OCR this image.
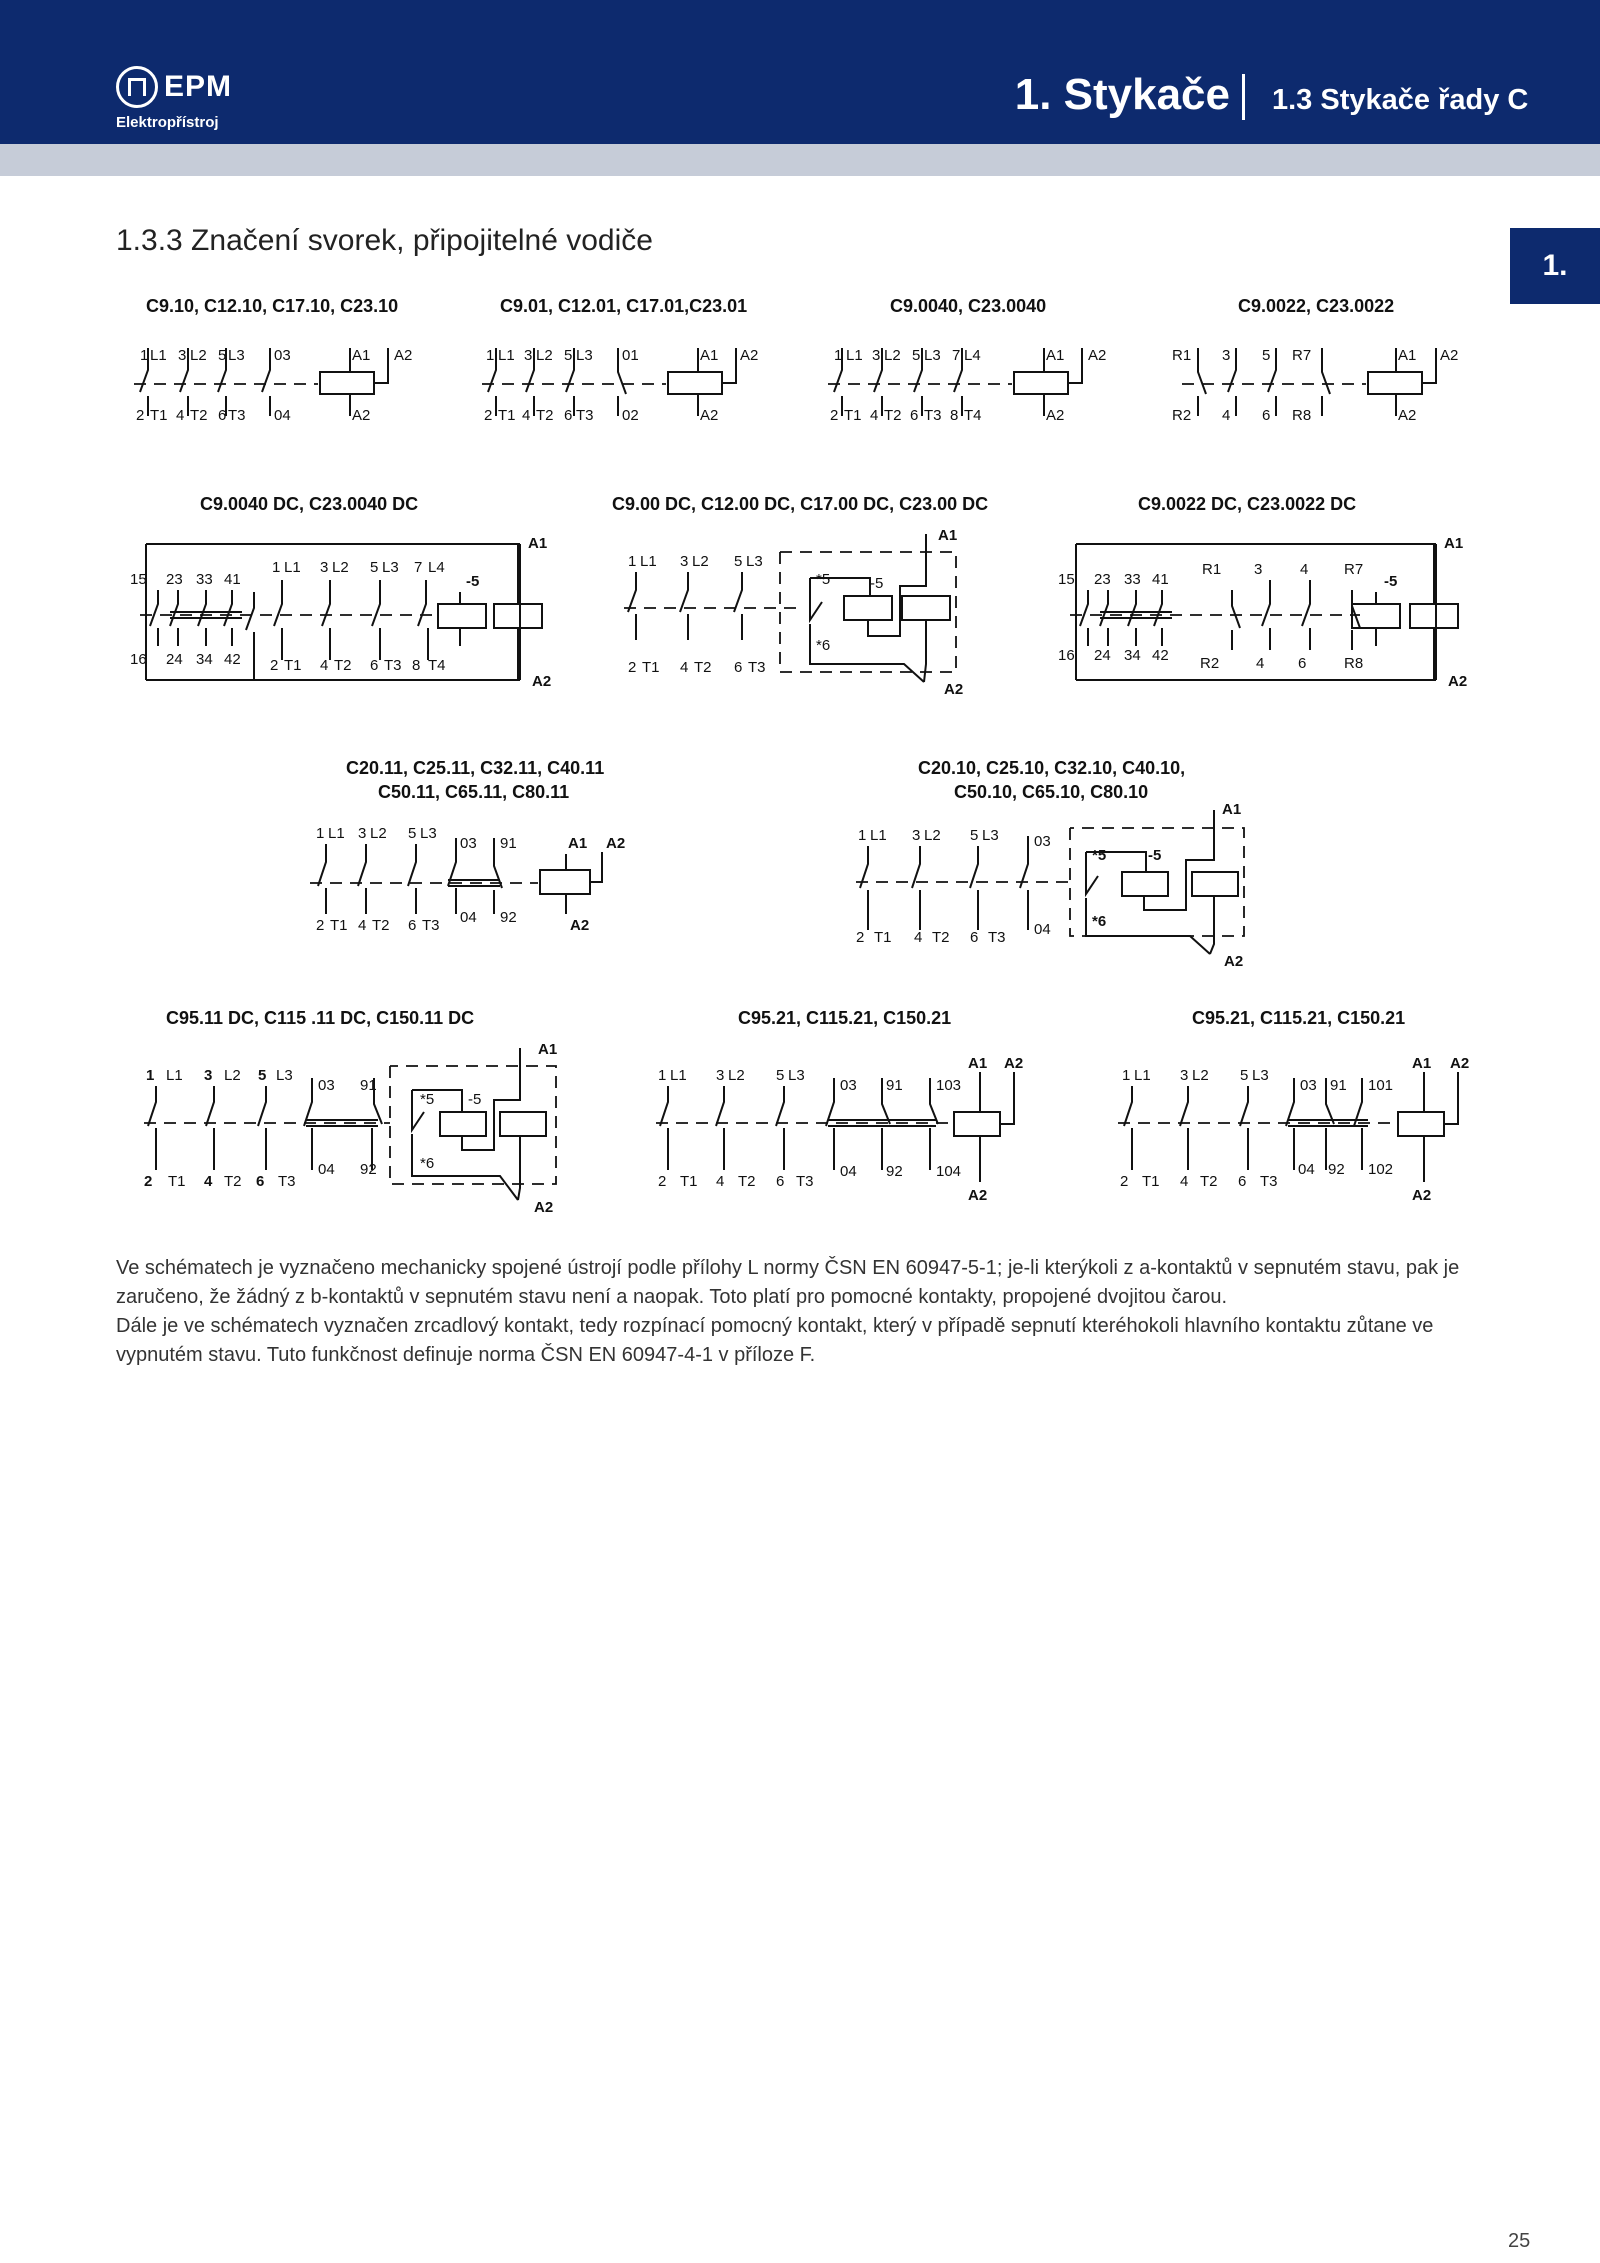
EPM
Elektropřístroj
1. Stykače 1.3 Stykače řady C
1.
1.3.3 Značení svorek, připojitelné vodiče
C9.10, C12.10, C17.10, C23.10
1 L1 3 L2 5 L3 03	A1 A2
2 T1 4 T2 6 T3 04	A2
C9.01, C12.01, C17.01,C23.01
1 L1 3 L2 5 L3 01	A1 A2
2 T1 4 T2 6 T3 02	A2
C9.0040, C23.0040
1 L1 3 L2 5 L3 7 L4	A1 A2
2 T1 4 T2 6 T3 8 T4	A2
C9.0022, C23.0022
R1 3 5 R7	A1 A2
R2 4 6 R8	A2
C9.0040 DC, C23.0040 DC
15 23 33 41
1 L1 3 L2 5 L3 7 L4
-5
A1
16 24 34 42 2 T1 4 T2 6 T3 8 T4
A2
C9.00 DC, C12.00 DC, C17.00 DC, C23.00 DC
1 L1 3 L2 5 L3
*5	-5
A1
2 T1 4 T2 6 T3
*6
A2
C9.0022 DC, C23.0022 DC
15 23 33 41
R1 3	4 R7
-5
A1
16 24 34 42 R2 4 6	R8
A2
C20.11, C25.11, C32.11, C40.11
C50.11, C65.11, C80.11
1 L1 3 L2 5 L3
03 91	A1 A2
2 T1 4 T2 6 T3 04 92	A2
C20.10, C25.10, C32.10, C40.10,
C50.10, C65.10, C80.10
1 L1 3 L2 5 L3 03
*5	-5
A1
2 T1 4 T2 6 T3 04	*6
A2
C95.11 DC, C115 .11 DC, C150.11 DC
1 L1 3 L2 5 L3
03 91
*5 -5
A1
2 T1 4 T2 6 T3
04 92	*6
A2
C95.21, C115.21, C150.21
1 L1 3 L2 5 L3
03 91 103
A1 A2
2 T1 4 T2 6 T3
04 92 104
A2
C95.21, C115.21, C150.21
1 L1 3 L2 5 L3
03 91 101
A1 A2
2 T1 4 T2 6 T3
04 92 102
A2

Ve schématech je vyznačeno mechanicky spojené ústrojí podle přílohy L normy ČSN EN 60947-5-1; je-li kterýkoli z a-kontaktů v sepnutém stavu, pak je zaručeno, že žádný z b-kontaktů v sepnutém stavu není a naopak. Toto platí pro pomocné kontakty, propojené dvojitou čarou.

Dále je ve schématech vyznačen zrcadlový kontakt, tedy rozpínací pomocný kontakt, který v případě sepnutí kteréhokoli hlavního kontaktu zůtane ve vypnutém stavu. Tuto funkčnost definuje norma ČSN EN 60947-4-1 v příloze F.

25
